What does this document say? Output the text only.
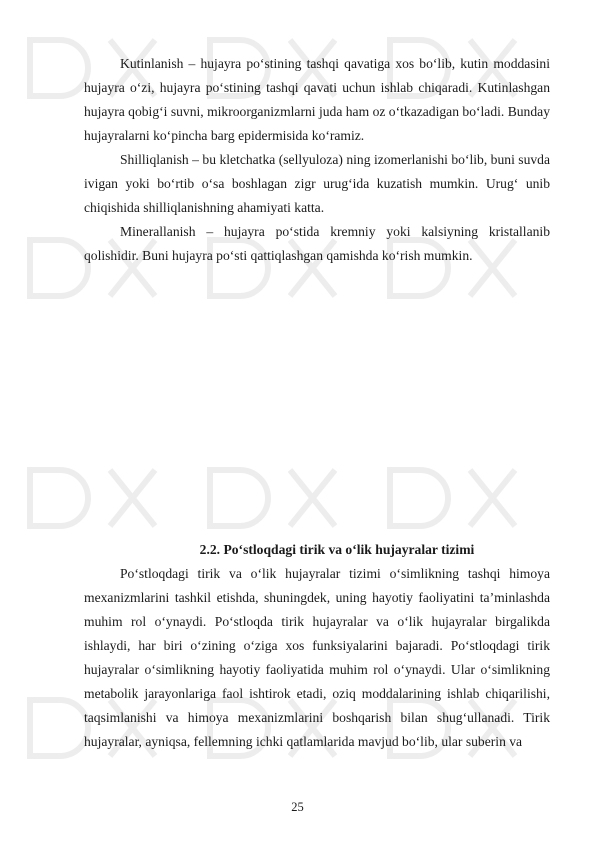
Kutinlanish – hujayra po‘stining tashqi qavatiga xos bo‘lib, kutin moddasini hujayra o‘zi, hujayra po‘stining tashqi qavati uchun ishlab chiqaradi. Kutinlashgan hujayra qobig‘i suvni, mikroorganizmlarni juda ham oz o‘tkazadigan bo‘ladi. Bunday hujayralarni ko‘pincha barg epidermisida ko‘ramiz.

Shilliqlanish – bu kletchatka (sellyuloza) ning izomerlanishi bo‘lib, buni suvda ivigan yoki bo‘rtib o‘sa boshlagan zigr urug‘ida kuzatish mumkin. Urug‘ unib chiqishida shilliqlanishning ahamiyati katta.

Minerallanish – hujayra po‘stida kremniy yoki kalsiyning kristallanib qolishidir. Buni hujayra po‘sti qattiqlashgan qamishda ko‘rish mumkin.

2.2. Po‘stloqdagi tirik va o‘lik hujayralar tizimi

Po‘stloqdagi tirik va o‘lik hujayralar tizimi o‘simlikning tashqi himoya mexanizmlarini tashkil etishda, shuningdek, uning hayotiy faoliyatini ta’minlashda muhim rol o‘ynaydi. Po‘stloqda tirik hujayralar va o‘lik hujayralar birgalikda ishlaydi, har biri o‘zining o‘ziga xos funksiyalarini bajaradi. Po‘stloqdagi tirik hujayralar o‘simlikning hayotiy faoliyatida muhim rol o‘ynaydi. Ular o‘simlikning metabolik jarayonlariga faol ishtirok etadi, oziq moddalarining ishlab chiqarilishi, taqsimlanishi va himoya mexanizmlarini boshqarish bilan shug‘ullanadi. Tirik hujayralar, ayniqsa, fellemning ichki qatlamlarida mavjud bo‘lib, ular suberin va

25
